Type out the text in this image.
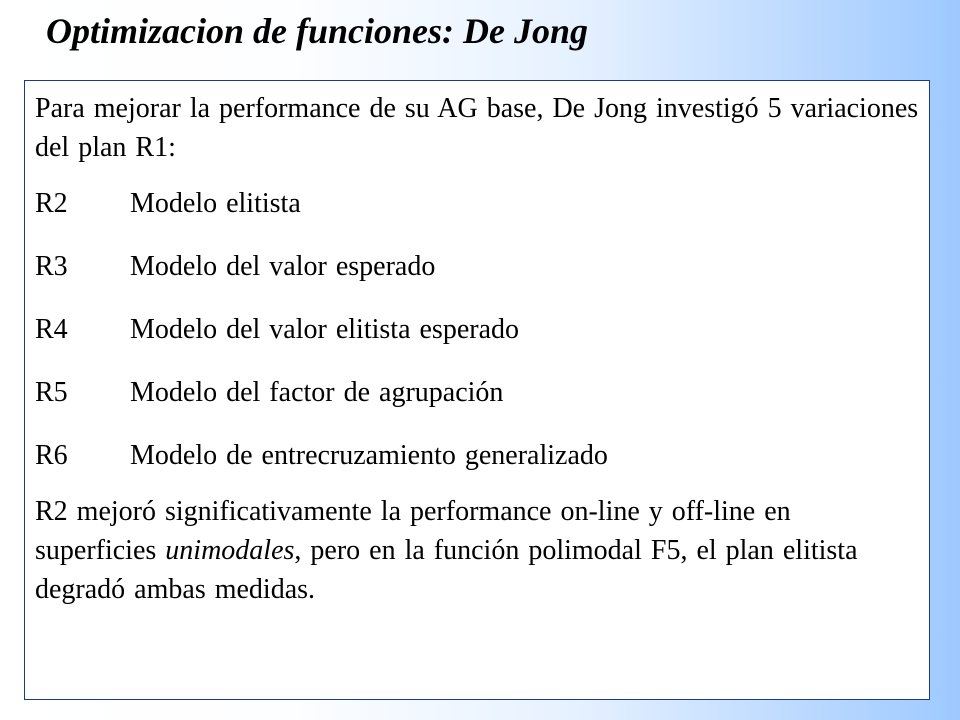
Optimizacion de funciones: De Jong

Para mejorar la performance de su AG base, De Jong investigó 5 variaciones del plan R1:

R2	Modelo elitista
R3	Modelo del valor esperado
R4	Modelo del valor elitista esperado
R5	Modelo del factor de agrupación
R6	Modelo de entrecruzamiento generalizado

R2 mejoró significativamente la performance on-line y off-line en superficies unimodales, pero en la función polimodal F5, el plan elitista degradó ambas medidas.
